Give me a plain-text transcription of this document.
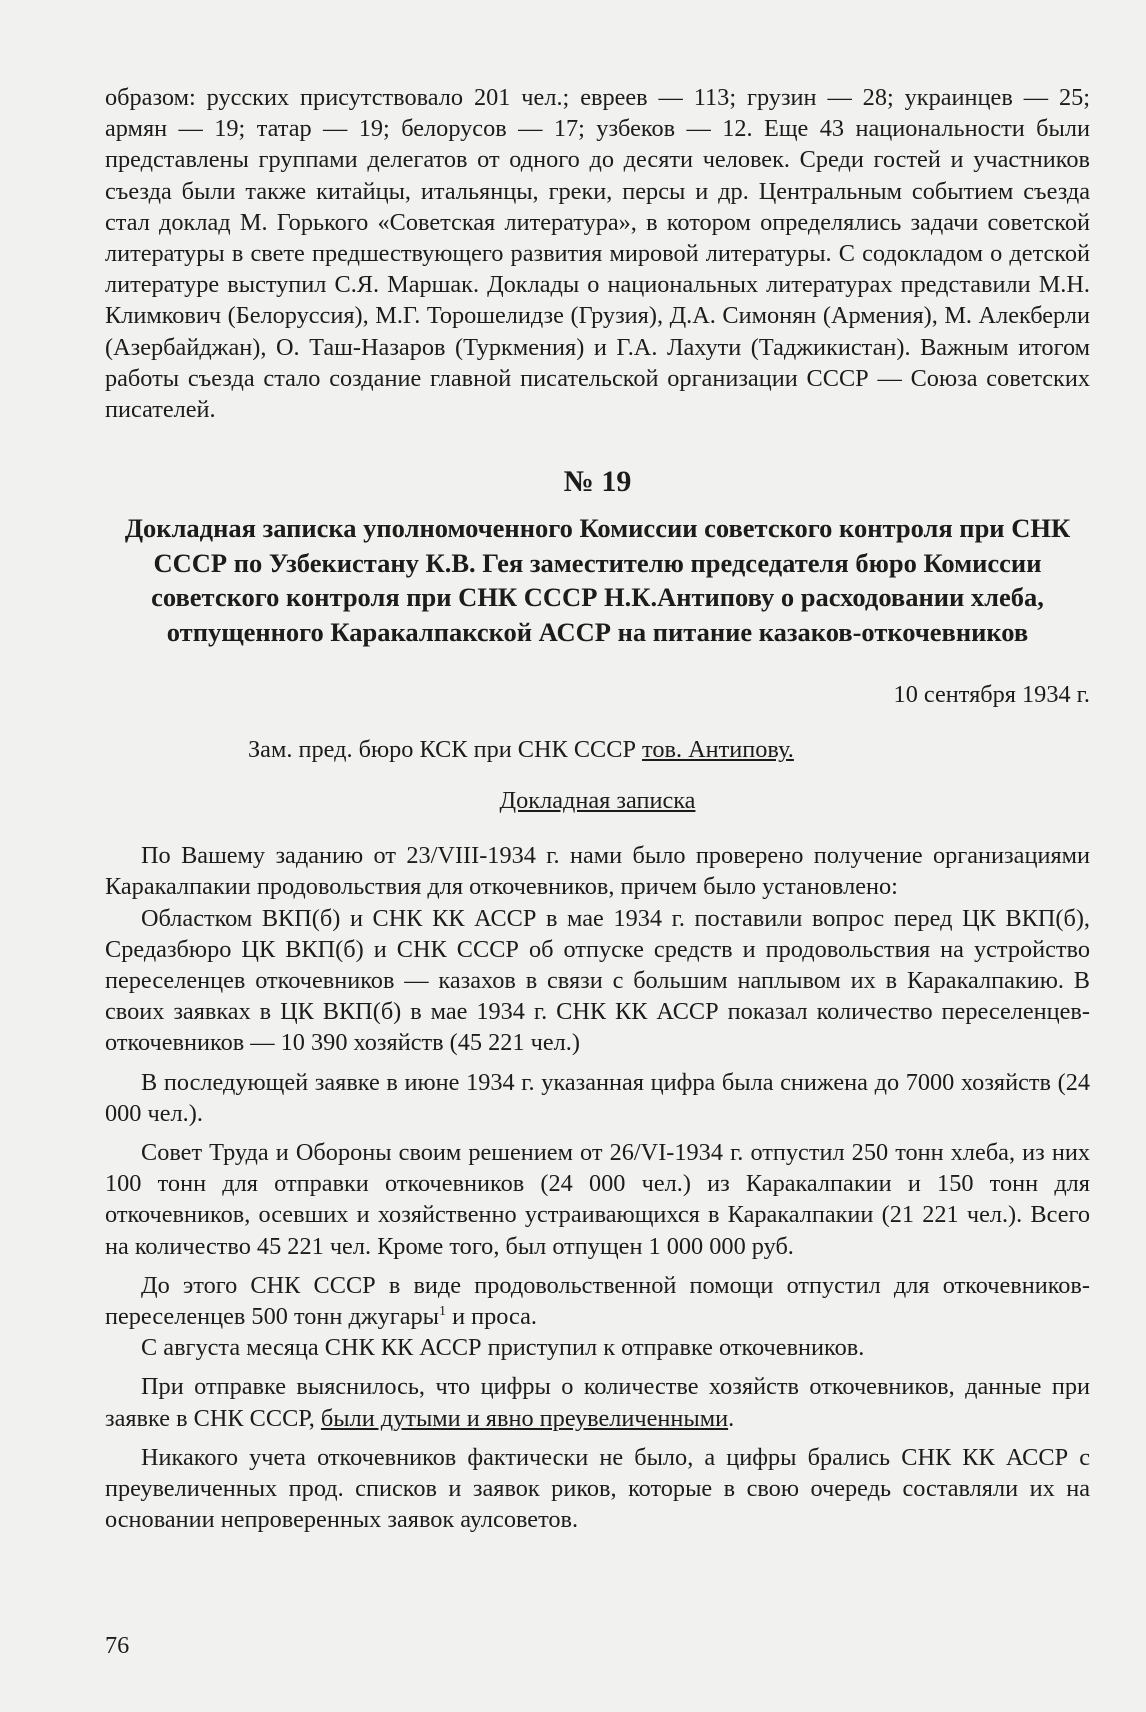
образом: русских присутствовало 201 чел.; евреев — 113; грузин — 28; украинцев — 25; армян — 19; татар — 19; белорусов — 17; узбеков — 12. Еще 43 национальности были представлены группами делегатов от одного до десяти человек. Среди гостей и участников съезда были также китайцы, итальянцы, греки, персы и др. Центральным событием съезда стал доклад М. Горького «Советская литература», в котором определялись задачи советской литературы в свете предшествующего развития мировой литературы. С содокладом о детской литературе выступил С.Я. Маршак. Доклады о национальных литературах представили М.Н. Климкович (Белоруссия), М.Г. Торошелидзе (Грузия), Д.А. Симонян (Армения), М. Алекберли (Азербайджан), О. Таш-Назаров (Туркмения) и Г.А. Лахути (Таджикистан). Важным итогом работы съезда стало создание главной писательской организации СССР — Союза советских писателей.

№ 19

Докладная записка уполномоченного Комиссии советского контроля при СНК СССР по Узбекистану К.В. Гея заместителю председателя бюро Комиссии советского контроля при СНК СССР Н.К.Антипову о расходовании хлеба, отпущенного Каракалпакской АССР на питание казаков-откочевников

10 сентября 1934 г.

Зам. пред. бюро КСК при СНК СССР тов. Антипову.

Докладная записка

По Вашему заданию от 23/VIII-1934 г. нами было проверено получение организациями Каракалпакии продовольствия для откочевников, причем было установлено:

Областком ВКП(б) и СНК КК АССР в мае 1934 г. поставили вопрос перед ЦК ВКП(б), Средазбюро ЦК ВКП(б) и СНК СССР об отпуске средств и продовольствия на устройство переселенцев откочевников — казахов в связи с большим наплывом их в Каракалпакию. В своих заявках в ЦК ВКП(б) в мае 1934 г. СНК КК АССР показал количество переселенцев-откочевников — 10 390 хозяйств (45 221 чел.)

В последующей заявке в июне 1934 г. указанная цифра была снижена до 7000 хозяйств (24 000 чел.).

Совет Труда и Обороны своим решением от 26/VI-1934 г. отпустил 250 тонн хлеба, из них 100 тонн для отправки откочевников (24 000 чел.) из Каракалпакии и 150 тонн для откочевников, осевших и хозяйственно устраивающихся в Каракалпакии (21 221 чел.). Всего на количество 45 221 чел. Кроме того, был отпущен 1 000 000 руб.

До этого СНК СССР в виде продовольственной помощи отпустил для откочевников-переселенцев 500 тонн джугары$^1$ и проса.

С августа месяца СНК КК АССР приступил к отправке откочевников.

При отправке выяснилось, что цифры о количестве хозяйств откочевников, данные при заявке в СНК СССР, были дутыми и явно преувеличенными.

Никакого учета откочевников фактически не было, а цифры брались СНК КК АССР с преувеличенных прод. списков и заявок риков, которые в свою очередь составляли их на основании непроверенных заявок аулсоветов.

76
